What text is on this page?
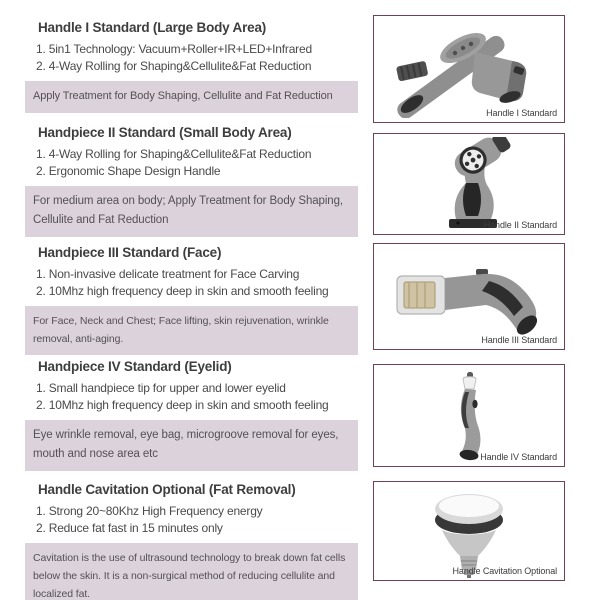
Handle I Standard (Large Body Area)

1. 5in1 Technology: Vacuum+Roller+IR+LED+Infrared

2. 4-Way Rolling for Shaping&Cellulite&Fat Reduction

Apply Treatment for Body Shaping, Cellulite and Fat Reduction
Handpiece II Standard (Small Body Area)

1. 4-Way Rolling for Shaping&Cellulite&Fat Reduction

2. Ergonomic Shape Design Handle

For medium area on body; Apply Treatment for Body Shaping, Cellulite and Fat Reduction
Handpiece III Standard (Face)

1. Non-invasive delicate treatment for Face Carving

2. 10Mhz high frequency deep in skin and smooth feeling

For Face, Neck and Chest; Face lifting, skin rejuvenation, wrinkle removal, anti-aging.
Handpiece IV Standard (Eyelid)

1. Small handpiece tip for upper and lower eyelid

2. 10Mhz high frequency deep in skin and smooth feeling

Eye wrinkle removal, eye bag, microgroove removal for eyes, mouth and nose area etc
Handle Cavitation Optional (Fat Removal)

1. Strong 20~80Khz High Frequency energy

2. Reduce fat fast in 15 minutes only

Cavitation is the use of ultrasound technology to break down fat cells below the skin. It is a non-surgical method of reducing cellulite and localized fat.
Handle I Standard
Handle II Standard
Handle III Standard
Handle IV Standard
Handle Cavitation Optional
